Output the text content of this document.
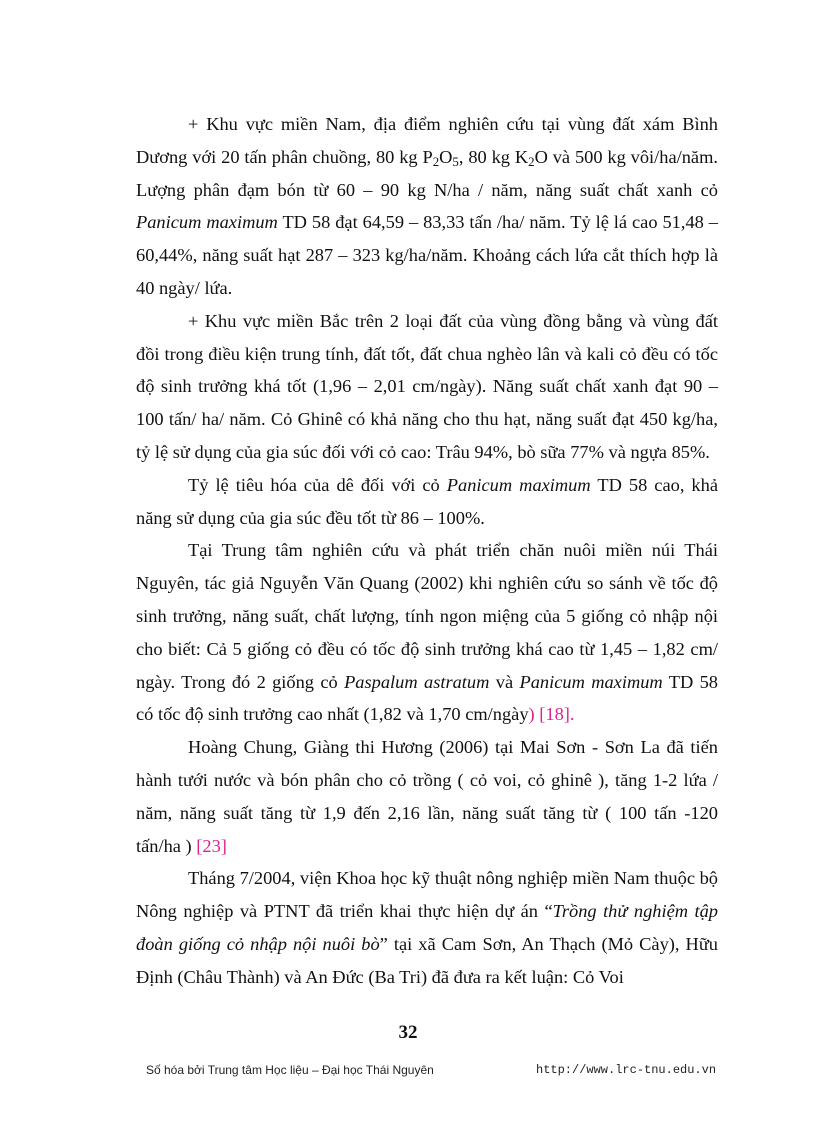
+ Khu vực miền Nam, địa điểm nghiên cứu tại vùng đất xám Bình Dương với 20 tấn phân chuồng, 80 kg $P_2O_5$, 80 kg $K_2O$ và 500 kg vôi/ha/năm. Lượng phân đạm bón từ 60 – 90 kg N/ha / năm, năng suất chất xanh cỏ Panicum maximum TD 58 đạt 64,59 – 83,33 tấn /ha/ năm. Tỷ lệ lá cao 51,48 – 60,44%, năng suất hạt 287 – 323 kg/ha/năm. Khoảng cách lứa cắt thích hợp là 40 ngày/ lứa.

+ Khu vực miền Bắc trên 2 loại đất của vùng đồng bằng và vùng đất đồi trong điều kiện trung tính, đất tốt, đất chua nghèo lân và kali cỏ đều có tốc độ sinh trưởng khá tốt (1,96 – 2,01 cm/ngày). Năng suất chất xanh đạt 90 – 100 tấn/ ha/ năm. Cỏ Ghinê có khả năng cho thu hạt, năng suất đạt 450 kg/ha, tỷ lệ sử dụng của gia súc đối với cỏ cao: Trâu 94%, bò sữa 77% và ngựa 85%.

Tỷ lệ tiêu hóa của dê đối với cỏ Panicum maximum TD 58 cao, khả năng sử dụng của gia súc đều tốt từ 86 – 100%.

Tại Trung tâm nghiên cứu và phát triển chăn nuôi miền núi Thái Nguyên, tác giả Nguyễn Văn Quang (2002) khi nghiên cứu so sánh về tốc độ sinh trưởng, năng suất, chất lượng, tính ngon miệng của 5 giống cỏ nhập nội cho biết: Cả 5 giống cỏ đều có tốc độ sinh trưởng khá cao từ 1,45 – 1,82 cm/ ngày. Trong đó 2 giống cỏ Paspalum astratum và Panicum maximum TD 58 có tốc độ sinh trưởng cao nhất (1,82 và 1,70 cm/ngày) [18].

Hoàng Chung, Giàng thi Hương (2006) tại Mai Sơn - Sơn La đã tiến hành tưới nước và bón phân cho cỏ trồng ( cỏ voi, cỏ ghinê ), tăng 1-2 lứa / năm, năng suất tăng từ 1,9 đến 2,16 lần, năng suất tăng từ ( 100 tấn -120 tấn/ha ) [23]

Tháng 7/2004, viện Khoa học kỹ thuật nông nghiệp miền Nam thuộc bộ Nông nghiệp và PTNT đã triển khai thực hiện dự án “Trồng thử nghiệm tập đoàn giống cỏ nhập nội nuôi bò” tại xã Cam Sơn, An Thạch (Mỏ Cày), Hữu Định (Châu Thành) và An Đức (Ba Tri) đã đưa ra kết luận: Cỏ Voi

32
Số hóa bởi Trung tâm Học liệu – Đại học Thái Nguyên	http://www.lrc-tnu.edu.vn
